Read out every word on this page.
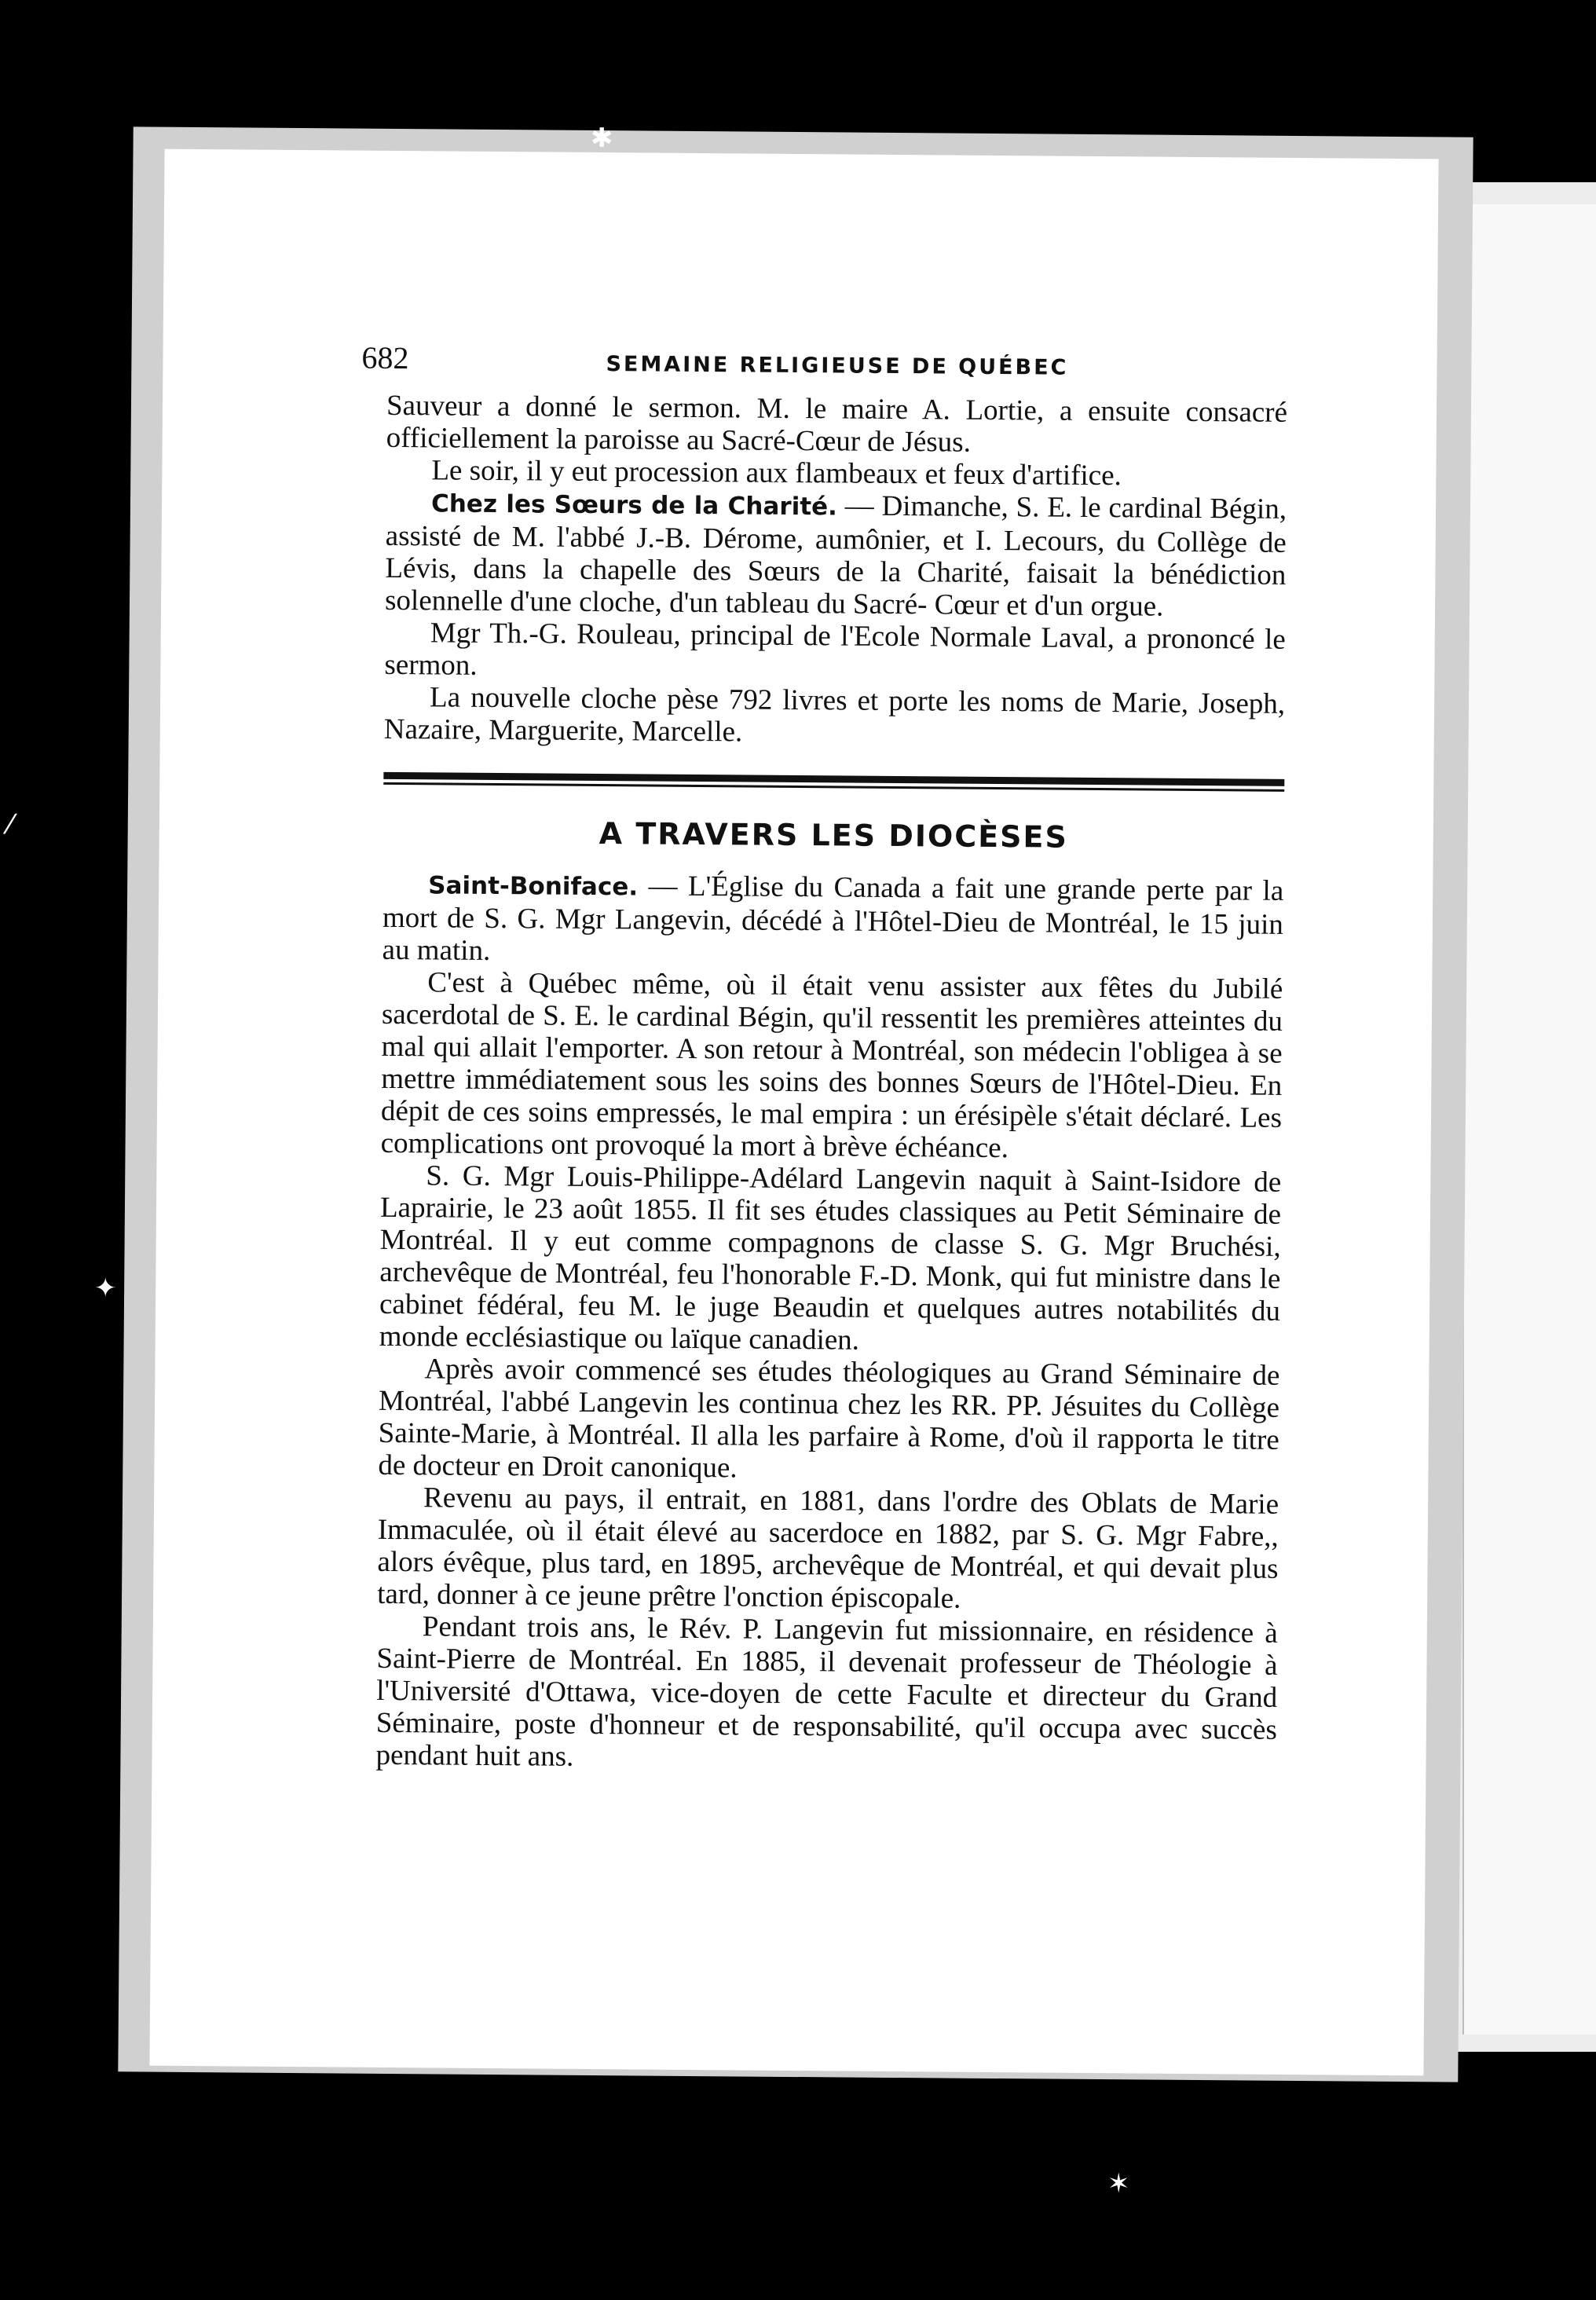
✱
⁄
✦
✶
682	SEMAINE RELIGIEUSE DE QUÉBEC

Sauveur a donné le sermon. M. le maire A. Lortie, a ensuite consacré officiellement la paroisse au Sacré-Cœur de Jésus.

Le soir, il y eut procession aux flambeaux et feux d'artifice.

Chez les Sœurs de la Charité. — Dimanche, S. E. le cardinal Bégin, assisté de M. l'abbé J.-B. Dérome, aumônier, et I. Lecours, du Collège de Lévis, dans la chapelle des Sœurs de la Charité, faisait la bénédiction solennelle d'une cloche, d'un tableau du Sacré- Cœur et d'un orgue.

Mgr Th.-G. Rouleau, principal de l'Ecole Normale Laval, a prononcé le sermon.

La nouvelle cloche pèse 792 livres et porte les noms de Marie, Joseph, Nazaire, Marguerite, Marcelle.

A TRAVERS LES DIOCÈSES

Saint-Boniface. — L'Église du Canada a fait une grande perte par la mort de S. G. Mgr Langevin, décédé à l'Hôtel-Dieu de Montréal, le 15 juin au matin.

C'est à Québec même, où il était venu assister aux fêtes du Jubilé sacerdotal de S. E. le cardinal Bégin, qu'il ressentit les premières atteintes du mal qui allait l'emporter. A son retour à Montréal, son médecin l'obligea à se mettre immédiatement sous les soins des bonnes Sœurs de l'Hôtel-Dieu. En dépit de ces soins empressés, le mal empira : un érésipèle s'était déclaré. Les complications ont provoqué la mort à brève échéance.

S. G. Mgr Louis-Philippe-Adélard Langevin naquit à Saint-Isidore de Laprairie, le 23 août 1855. Il fit ses études classiques au Petit Séminaire de Montréal. Il y eut comme compagnons de classe S. G. Mgr Bruchési, archevêque de Montréal, feu l'honorable F.-D. Monk, qui fut ministre dans le cabinet fédéral, feu M. le juge Beaudin et quelques autres notabilités du monde ecclésiastique ou laïque canadien.

Après avoir commencé ses études théologiques au Grand Séminaire de Montréal, l'abbé Langevin les continua chez les RR. PP. Jésuites du Collège Sainte-Marie, à Montréal. Il alla les parfaire à Rome, d'où il rapporta le titre de docteur en Droit canonique.

Revenu au pays, il entrait, en 1881, dans l'ordre des Oblats de Marie Immaculée, où il était élevé au sacerdoce en 1882, par S. G. Mgr Fabre,, alors évêque, plus tard, en 1895, archevêque de Montréal, et qui devait plus tard, donner à ce jeune prêtre l'onction épiscopale.

Pendant trois ans, le Rév. P. Langevin fut missionnaire, en résidence à Saint-Pierre de Montréal. En 1885, il devenait professeur de Théologie à l'Université d'Ottawa, vice-doyen de cette Faculte et directeur du Grand Séminaire, poste d'honneur et de responsabilité, qu'il occupa avec succès pendant huit ans.
